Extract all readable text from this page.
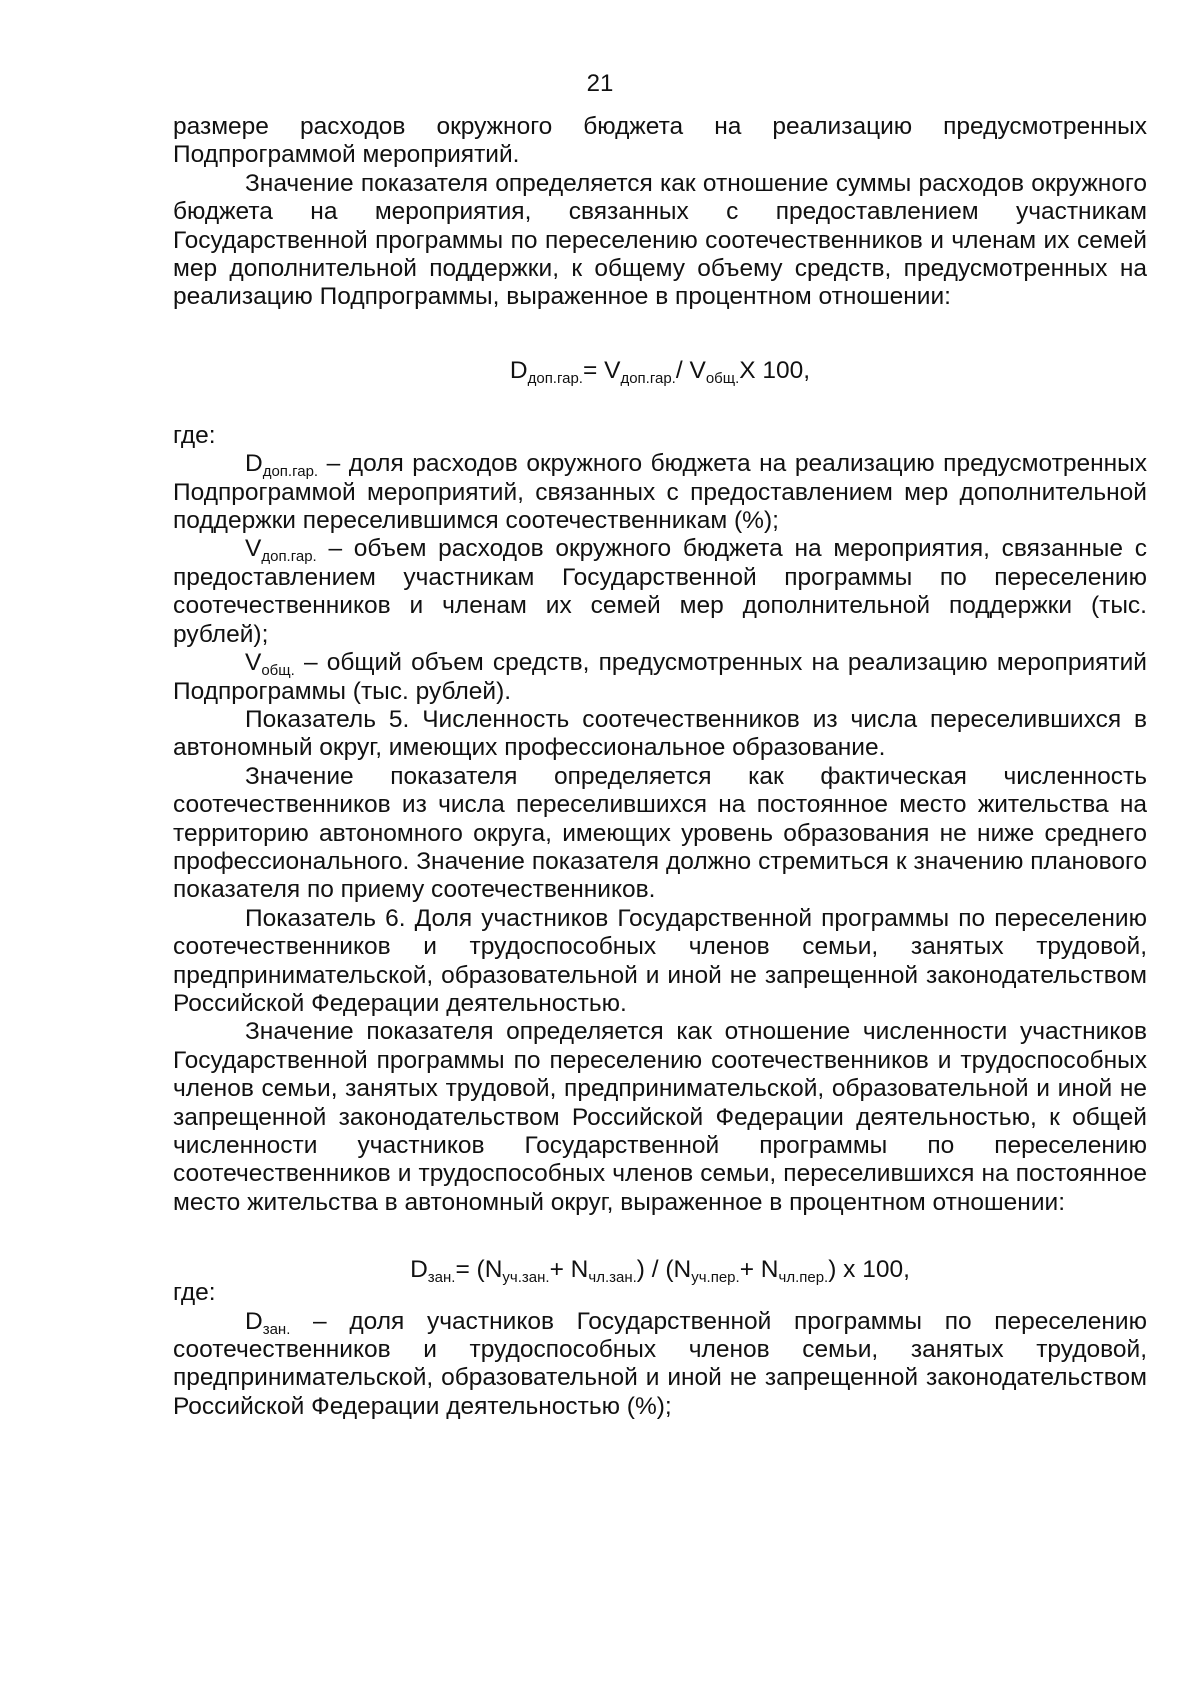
21

размере расходов окружного бюджета на реализацию предусмотренных Подпрограммой мероприятий.

Значение показателя определяется как отношение суммы расходов окружного бюджета на мероприятия, связанных с предоставлением участникам Государственной программы по переселению соотечественников и членам их семей мер дополнительной поддержки, к общему объему средств, предусмотренных на реализацию Подпрограммы, выраженное в процентном отношении:

$D_{доп.гар.}= V_{доп.гар.}/$ $V_{общ.}X$ 100,

где:

$D_{доп.гар.}$ – доля расходов окружного бюджета на реализацию предусмотренных Подпрограммой мероприятий, связанных с предоставлением мер дополнительной поддержки переселившимся соотечественникам (%);

$V_{доп.гар.}$ – объем расходов окружного бюджета на мероприятия, связанные с предоставлением участникам Государственной программы по переселению соотечественников и членам их семей мер дополнительной поддержки (тыс. рублей);

$V_{общ.}$ – общий объем средств, предусмотренных на реализацию мероприятий Подпрограммы (тыс. рублей).

Показатель 5. Численность соотечественников из числа переселившихся в автономный округ, имеющих профессиональное образование.

Значение показателя определяется как фактическая численность соотечественников из числа переселившихся на постоянное место жительства на территорию автономного округа, имеющих уровень образования не ниже среднего профессионального. Значение показателя должно стремиться к значению планового показателя по приему соотечественников.

Показатель 6. Доля участников Государственной программы по переселению соотечественников и трудоспособных членов семьи, занятых трудовой, предпринимательской, образовательной и иной не запрещенной законодательством Российской Федерации деятельностью.

Значение показателя определяется как отношение численности участников Государственной программы по переселению соотечественников и трудоспособных членов семьи, занятых трудовой, предпринимательской, образовательной и иной не запрещенной законодательством Российской Федерации деятельностью, к общей численности участников Государственной программы по переселению соотечественников и трудоспособных членов семьи, переселившихся на постоянное место жительства в автономный округ, выраженное в процентном отношении:

$D_{зан.}= (N_{уч.зан.}+ N_{чл.зан.}) / (N_{уч.пер.}+ N_{чл.пер.})$ х 100,

где:

$D_{зан.}$ – доля участников Государственной программы по переселению соотечественников и трудоспособных членов семьи, занятых трудовой, предпринимательской, образовательной и иной не запрещенной законодательством Российской Федерации деятельностью (%);
